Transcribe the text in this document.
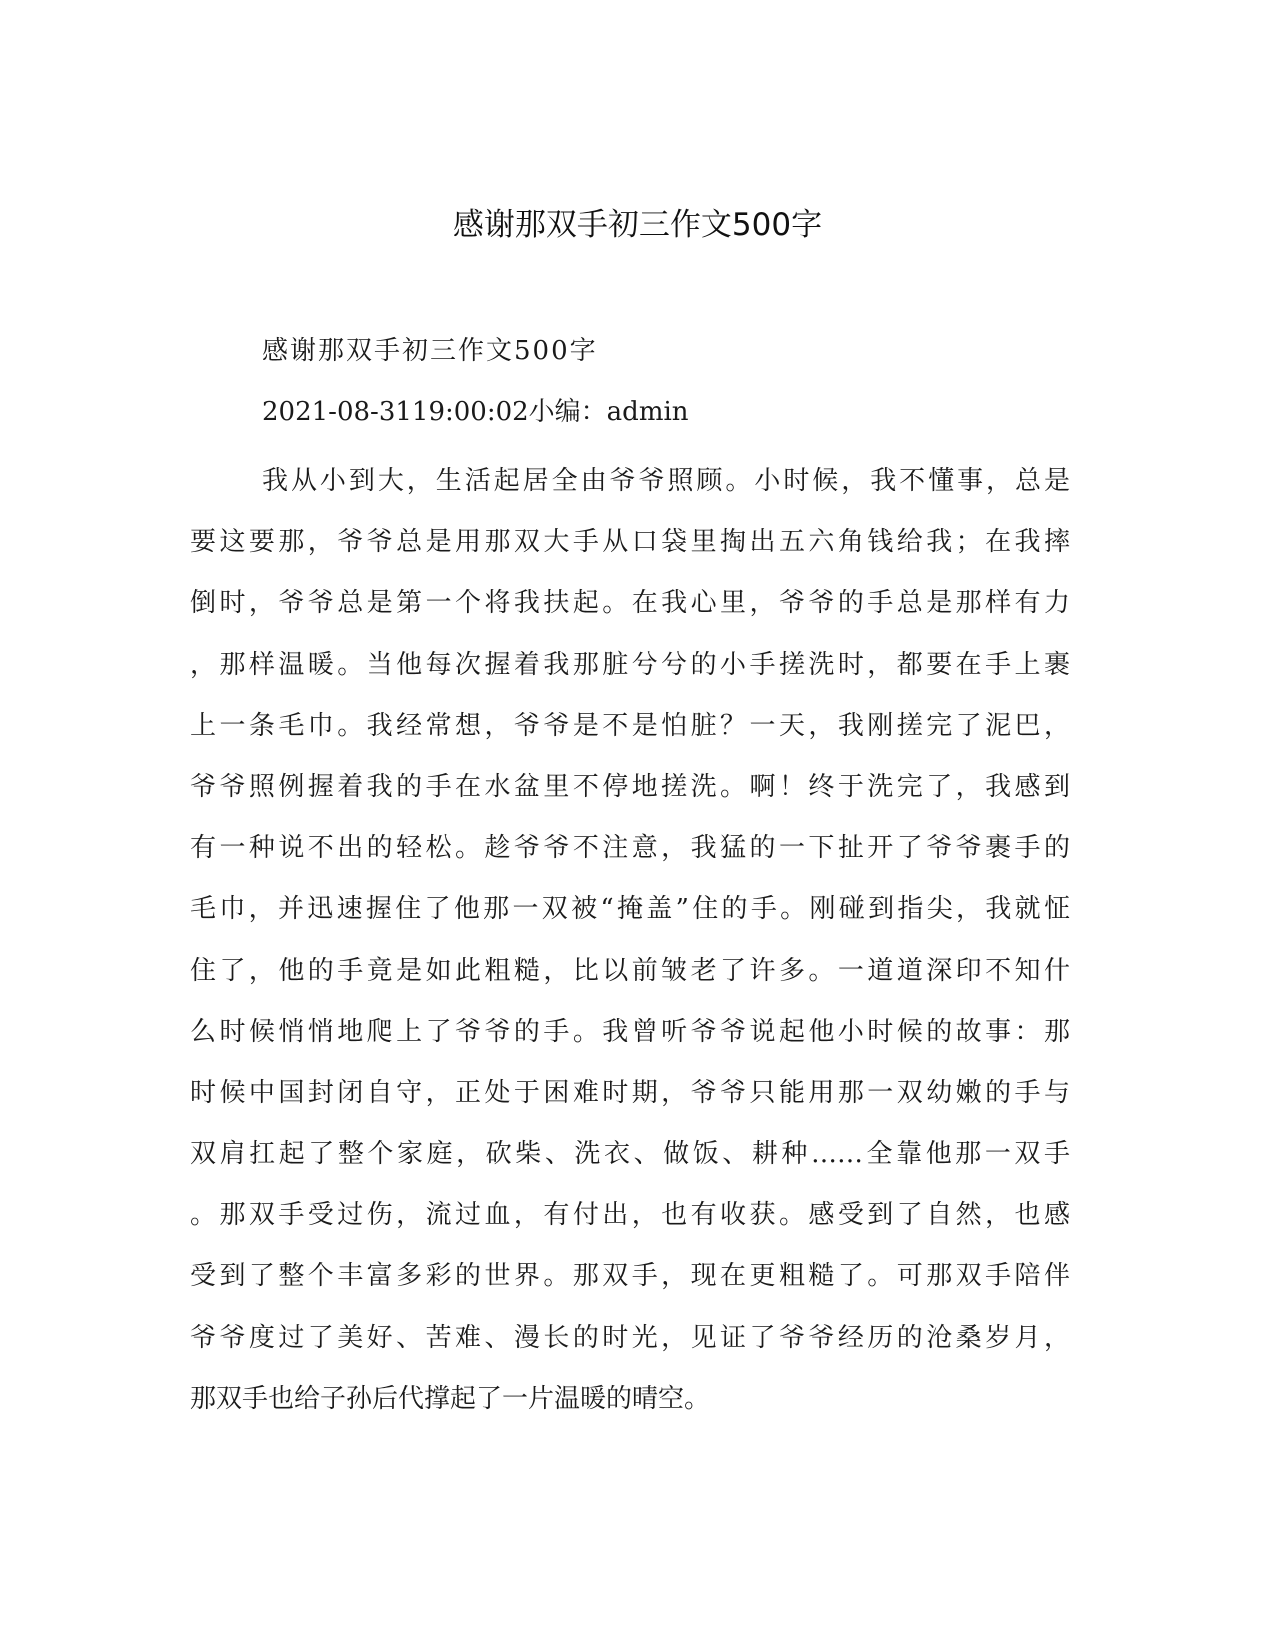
感谢那双手初三作文500字

感谢那双手初三作文500字

2021-08-3119:00:02小编：admin

我从小到大，生活起居全由爷爷照顾。小时候，我不懂事，总是
要这要那，爷爷总是用那双大手从口袋里掏出五六角钱给我；在我摔
倒时，爷爷总是第一个将我扶起。在我心里，爷爷的手总是那样有力
，那样温暖。当他每次握着我那脏兮兮的小手搓洗时，都要在手上裹
上一条毛巾。我经常想，爷爷是不是怕脏？一天，我刚搓完了泥巴，
爷爷照例握着我的手在水盆里不停地搓洗。啊！终于洗完了，我感到
有一种说不出的轻松。趁爷爷不注意，我猛的一下扯开了爷爷裹手的
毛巾，并迅速握住了他那一双被“掩盖”住的手。刚碰到指尖，我就怔
住了，他的手竟是如此粗糙，比以前皱老了许多。一道道深印不知什
么时候悄悄地爬上了爷爷的手。我曾听爷爷说起他小时候的故事：那
时候中国封闭自守，正处于困难时期，爷爷只能用那一双幼嫩的手与
双肩扛起了整个家庭，砍柴、洗衣、做饭、耕种……全靠他那一双手
。那双手受过伤，流过血，有付出，也有收获。感受到了自然，也感
受到了整个丰富多彩的世界。那双手，现在更粗糙了。可那双手陪伴
爷爷度过了美好、苦难、漫长的时光，见证了爷爷经历的沧桑岁月，
那双手也给子孙后代撑起了一片温暖的晴空。
